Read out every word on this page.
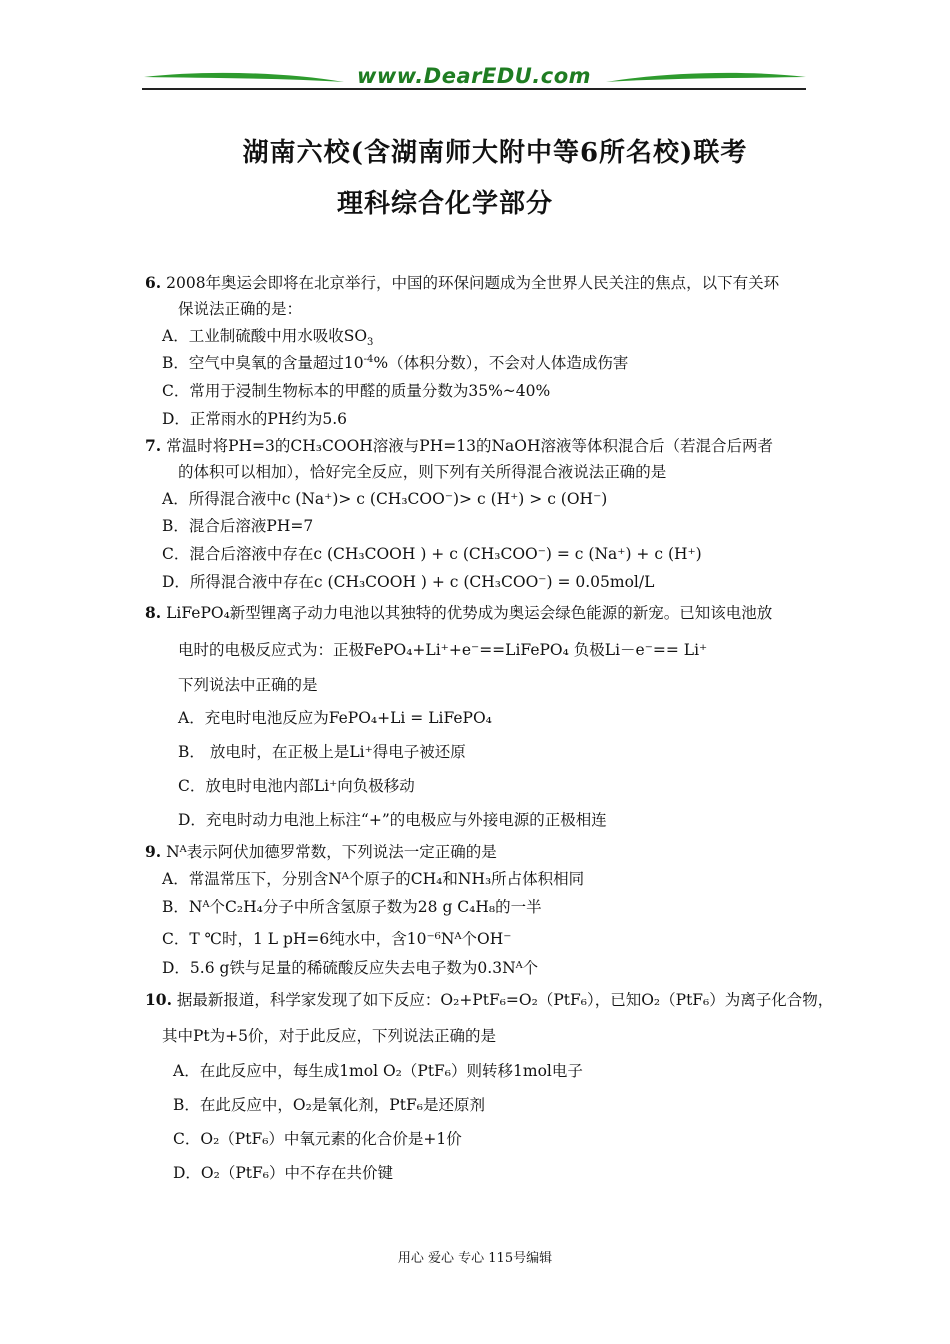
www.DearEDU.com
湖南六校(含湖南师大附中等6所名校)联考
理科综合化学部分
6. 2008年奥运会即将在北京举行，中国的环保问题成为全世界人民关注的焦点，以下有关环
保说法正确的是：
A．工业制硫酸中用水吸收$SO_3$
B．空气中臭氧的含量超过$10^{-4}\%$（体积分数），不会对人体造成伤害
C．常用于浸制生物标本的甲醛的质量分数为35%~40%
D．正常雨水的PH约为5.6
7. 常温时将PH=3的CH₃COOH溶液与PH=13的NaOH溶液等体积混合后（若混合后两者
的体积可以相加），恰好完全反应，则下列有关所得混合液说法正确的是
A．所得混合液中c (Na⁺)> c (CH₃COO⁻)> c (H⁺) > c (OH⁻)
B．混合后溶液PH=7
C．混合后溶液中存在c (CH₃COOH ) + c (CH₃COO⁻) = c (Na⁺) + c (H⁺)
D．所得混合液中存在c (CH₃COOH ) + c (CH₃COO⁻) = 0.05mol/L
8. LiFePO₄新型锂离子动力电池以其独特的优势成为奥运会绿色能源的新宠。已知该电池放
电时的电极反应式为：正极FePO₄+Li⁺+e⁻==LiFePO₄ 负极Li－e⁻== Li⁺
下列说法中正确的是
A．充电时电池反应为FePO₄+Li = LiFePO₄
B． 放电时，在正极上是Li⁺得电子被还原
C．放电时电池内部Li⁺向负极移动
D．充电时动力电池上标注“+”的电极应与外接电源的正极相连
9. Nᴬ表示阿伏加德罗常数，下列说法一定正确的是
A．常温常压下，分别含Nᴬ个原子的CH₄和NH₃所占体积相同
B．Nᴬ个C₂H₄分子中所含氢原子数为28 g C₄H₈的一半
C．T ℃时，1 L pH=6纯水中，含10⁻⁶Nᴬ个OH⁻
D．5.6 g铁与足量的稀硫酸反应失去电子数为0.3Nᴬ个
10. 据最新报道，科学家发现了如下反应：O₂+PtF₆=O₂（PtF₆），已知O₂（PtF₆）为离子化合物，
其中Pt为+5价，对于此反应，下列说法正确的是
A．在此反应中，每生成1mol O₂（PtF₆）则转移1mol电子
B．在此反应中，O₂是氧化剂，PtF₆是还原剂
C．O₂（PtF₆）中氧元素的化合价是+1价
D．O₂（PtF₆）中不存在共价键
用心 爱心 专心 115号编辑
